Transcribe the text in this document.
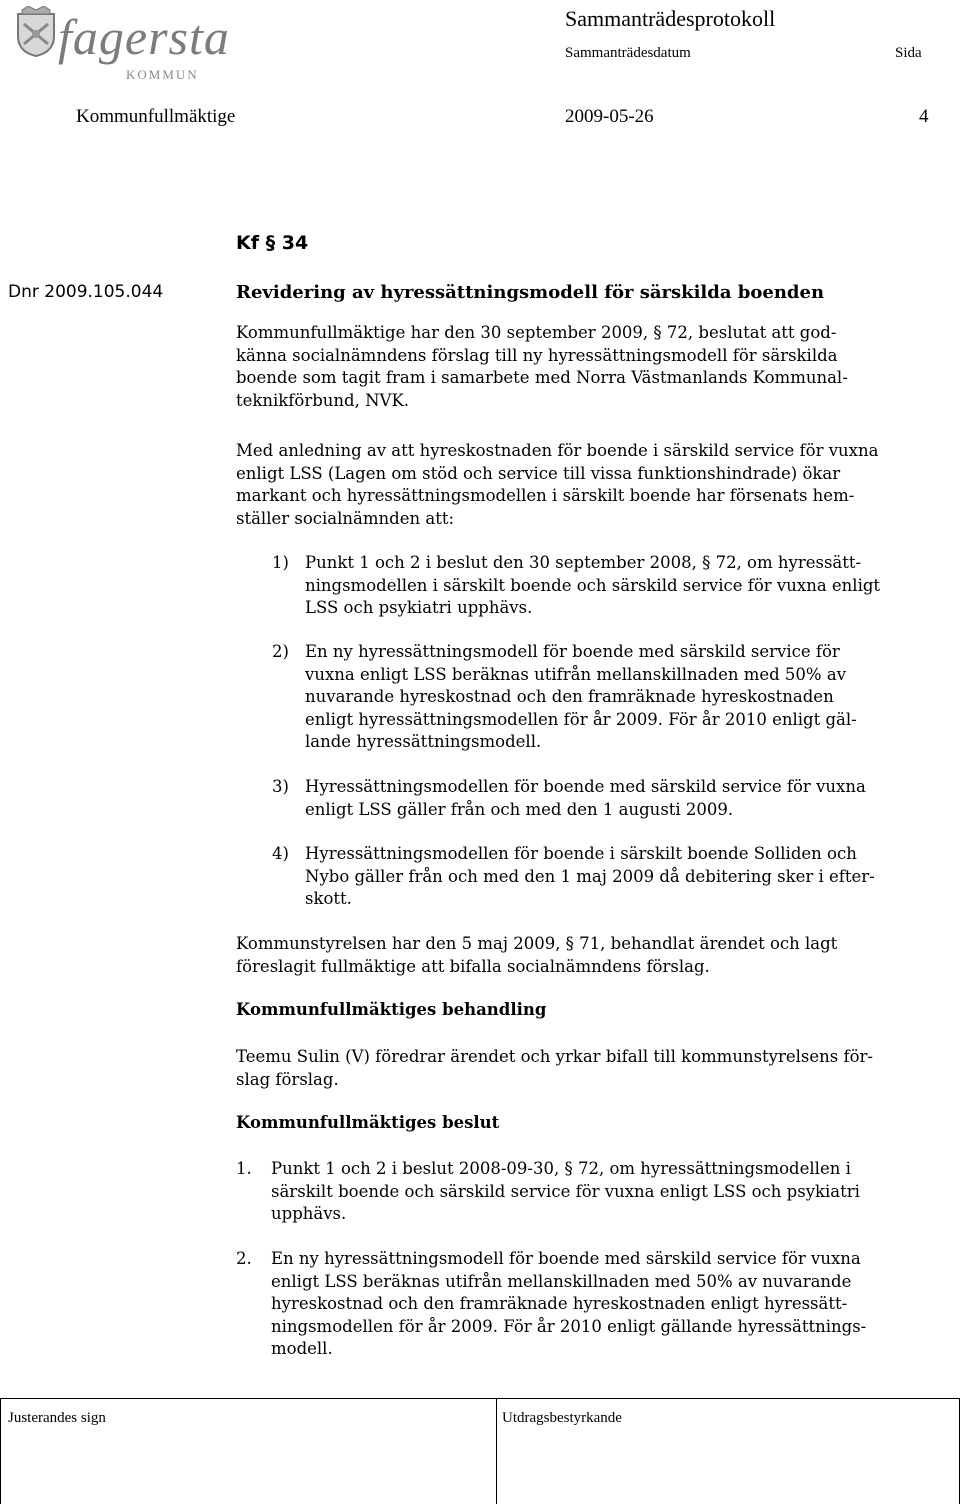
fagersta
KOMMUN
Sammanträdesprotokoll
Sammanträdesdatum	Sida
Kommunfullmäktige	2009-05-26	4
Kf § 34
Dnr 2009.105.044	Revidering av hyressättningsmodell för särskilda boenden

Kommunfullmäktige har den 30 september 2009, § 72, beslutat att god-

känna socialnämndens förslag till ny hyressättningsmodell för särskilda

boende som tagit fram i samarbete med Norra Västmanlands Kommunal-

teknikförbund, NVK.

Med anledning av att hyreskostnaden för boende i särskild service för vuxna

enligt LSS (Lagen om stöd och service till vissa funktionshindrade) ökar

markant och hyressättningsmodellen i särskilt boende har försenats hem-

ställer socialnämnden att:

1) Punkt 1 och 2 i beslut den 30 september 2008, § 72, om hyressätt-
ningsmodellen i särskilt boende och särskild service för vuxna enligt
LSS och psykiatri upphävs.
2) En ny hyressättningsmodell för boende med särskild service för
vuxna enligt LSS beräknas utifrån mellanskillnaden med 50% av
nuvarande hyreskostnad och den framräknade hyreskostnaden
enligt hyressättningsmodellen för år 2009. För år 2010 enligt gäl-
lande hyressättningsmodell.
3) Hyressättningsmodellen för boende med särskild service för vuxna
enligt LSS gäller från och med den 1 augusti 2009.
4) Hyressättningsmodellen för boende i särskilt boende Solliden och
Nybo gäller från och med den 1 maj 2009 då debitering sker i efter-
skott.

Kommunstyrelsen har den 5 maj 2009, § 71, behandlat ärendet och lagt

föreslagit fullmäktige att bifalla socialnämndens förslag.

Kommunfullmäktiges behandling

Teemu Sulin (V) föredrar ärendet och yrkar bifall till kommunstyrelsens för-

slag förslag.

Kommunfullmäktiges beslut
1. Punkt 1 och 2 i beslut 2008-09-30, § 72, om hyressättningsmodellen i
särskilt boende och särskild service för vuxna enligt LSS och psykiatri
upphävs.
2. En ny hyressättningsmodell för boende med särskild service för vuxna
enligt LSS beräknas utifrån mellanskillnaden med 50% av nuvarande
hyreskostnad och den framräknade hyreskostnaden enligt hyressätt-
ningsmodellen för år 2009. För år 2010 enligt gällande hyressättnings-
modell.
Justerandes sign	Utdragsbestyrkande
